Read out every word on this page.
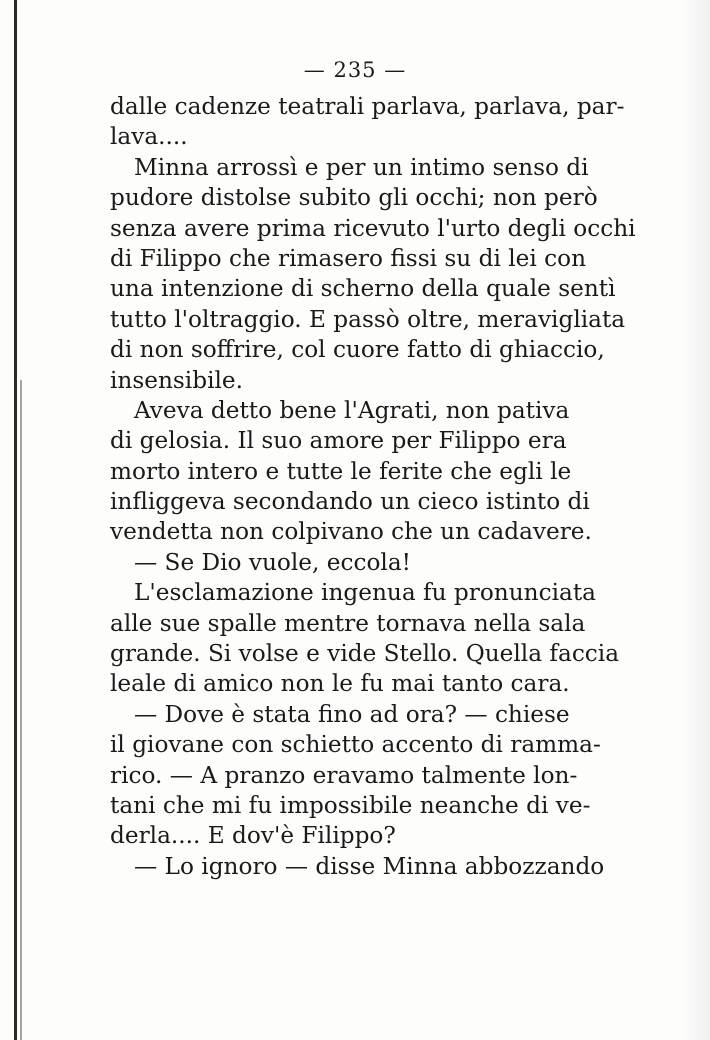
— 235 —
dalle cadenze teatrali parlava, parlava, par-
lava....
Minna arrossì e per un intimo senso di
pudore distolse subito gli occhi; non però
senza avere prima ricevuto l'urto degli occhi
di Filippo che rimasero fissi su di lei con
una intenzione di scherno della quale sentì
tutto l'oltraggio. E passò oltre, meravigliata
di non soffrire, col cuore fatto di ghiaccio,
insensibile.
Aveva detto bene l'Agrati, non pativa
di gelosia. Il suo amore per Filippo era
morto intero e tutte le ferite che egli le
infliggeva secondando un cieco istinto di
vendetta non colpivano che un cadavere.
— Se Dio vuole, eccola!
L'esclamazione ingenua fu pronunciata
alle sue spalle mentre tornava nella sala
grande. Si volse e vide Stello. Quella faccia
leale di amico non le fu mai tanto cara.
— Dove è stata fino ad ora? — chiese
il giovane con schietto accento di ramma-
rico. — A pranzo eravamo talmente lon-
tani che mi fu impossibile neanche di ve-
derla.... E dov'è Filippo?
— Lo ignoro — disse Minna abbozzando
